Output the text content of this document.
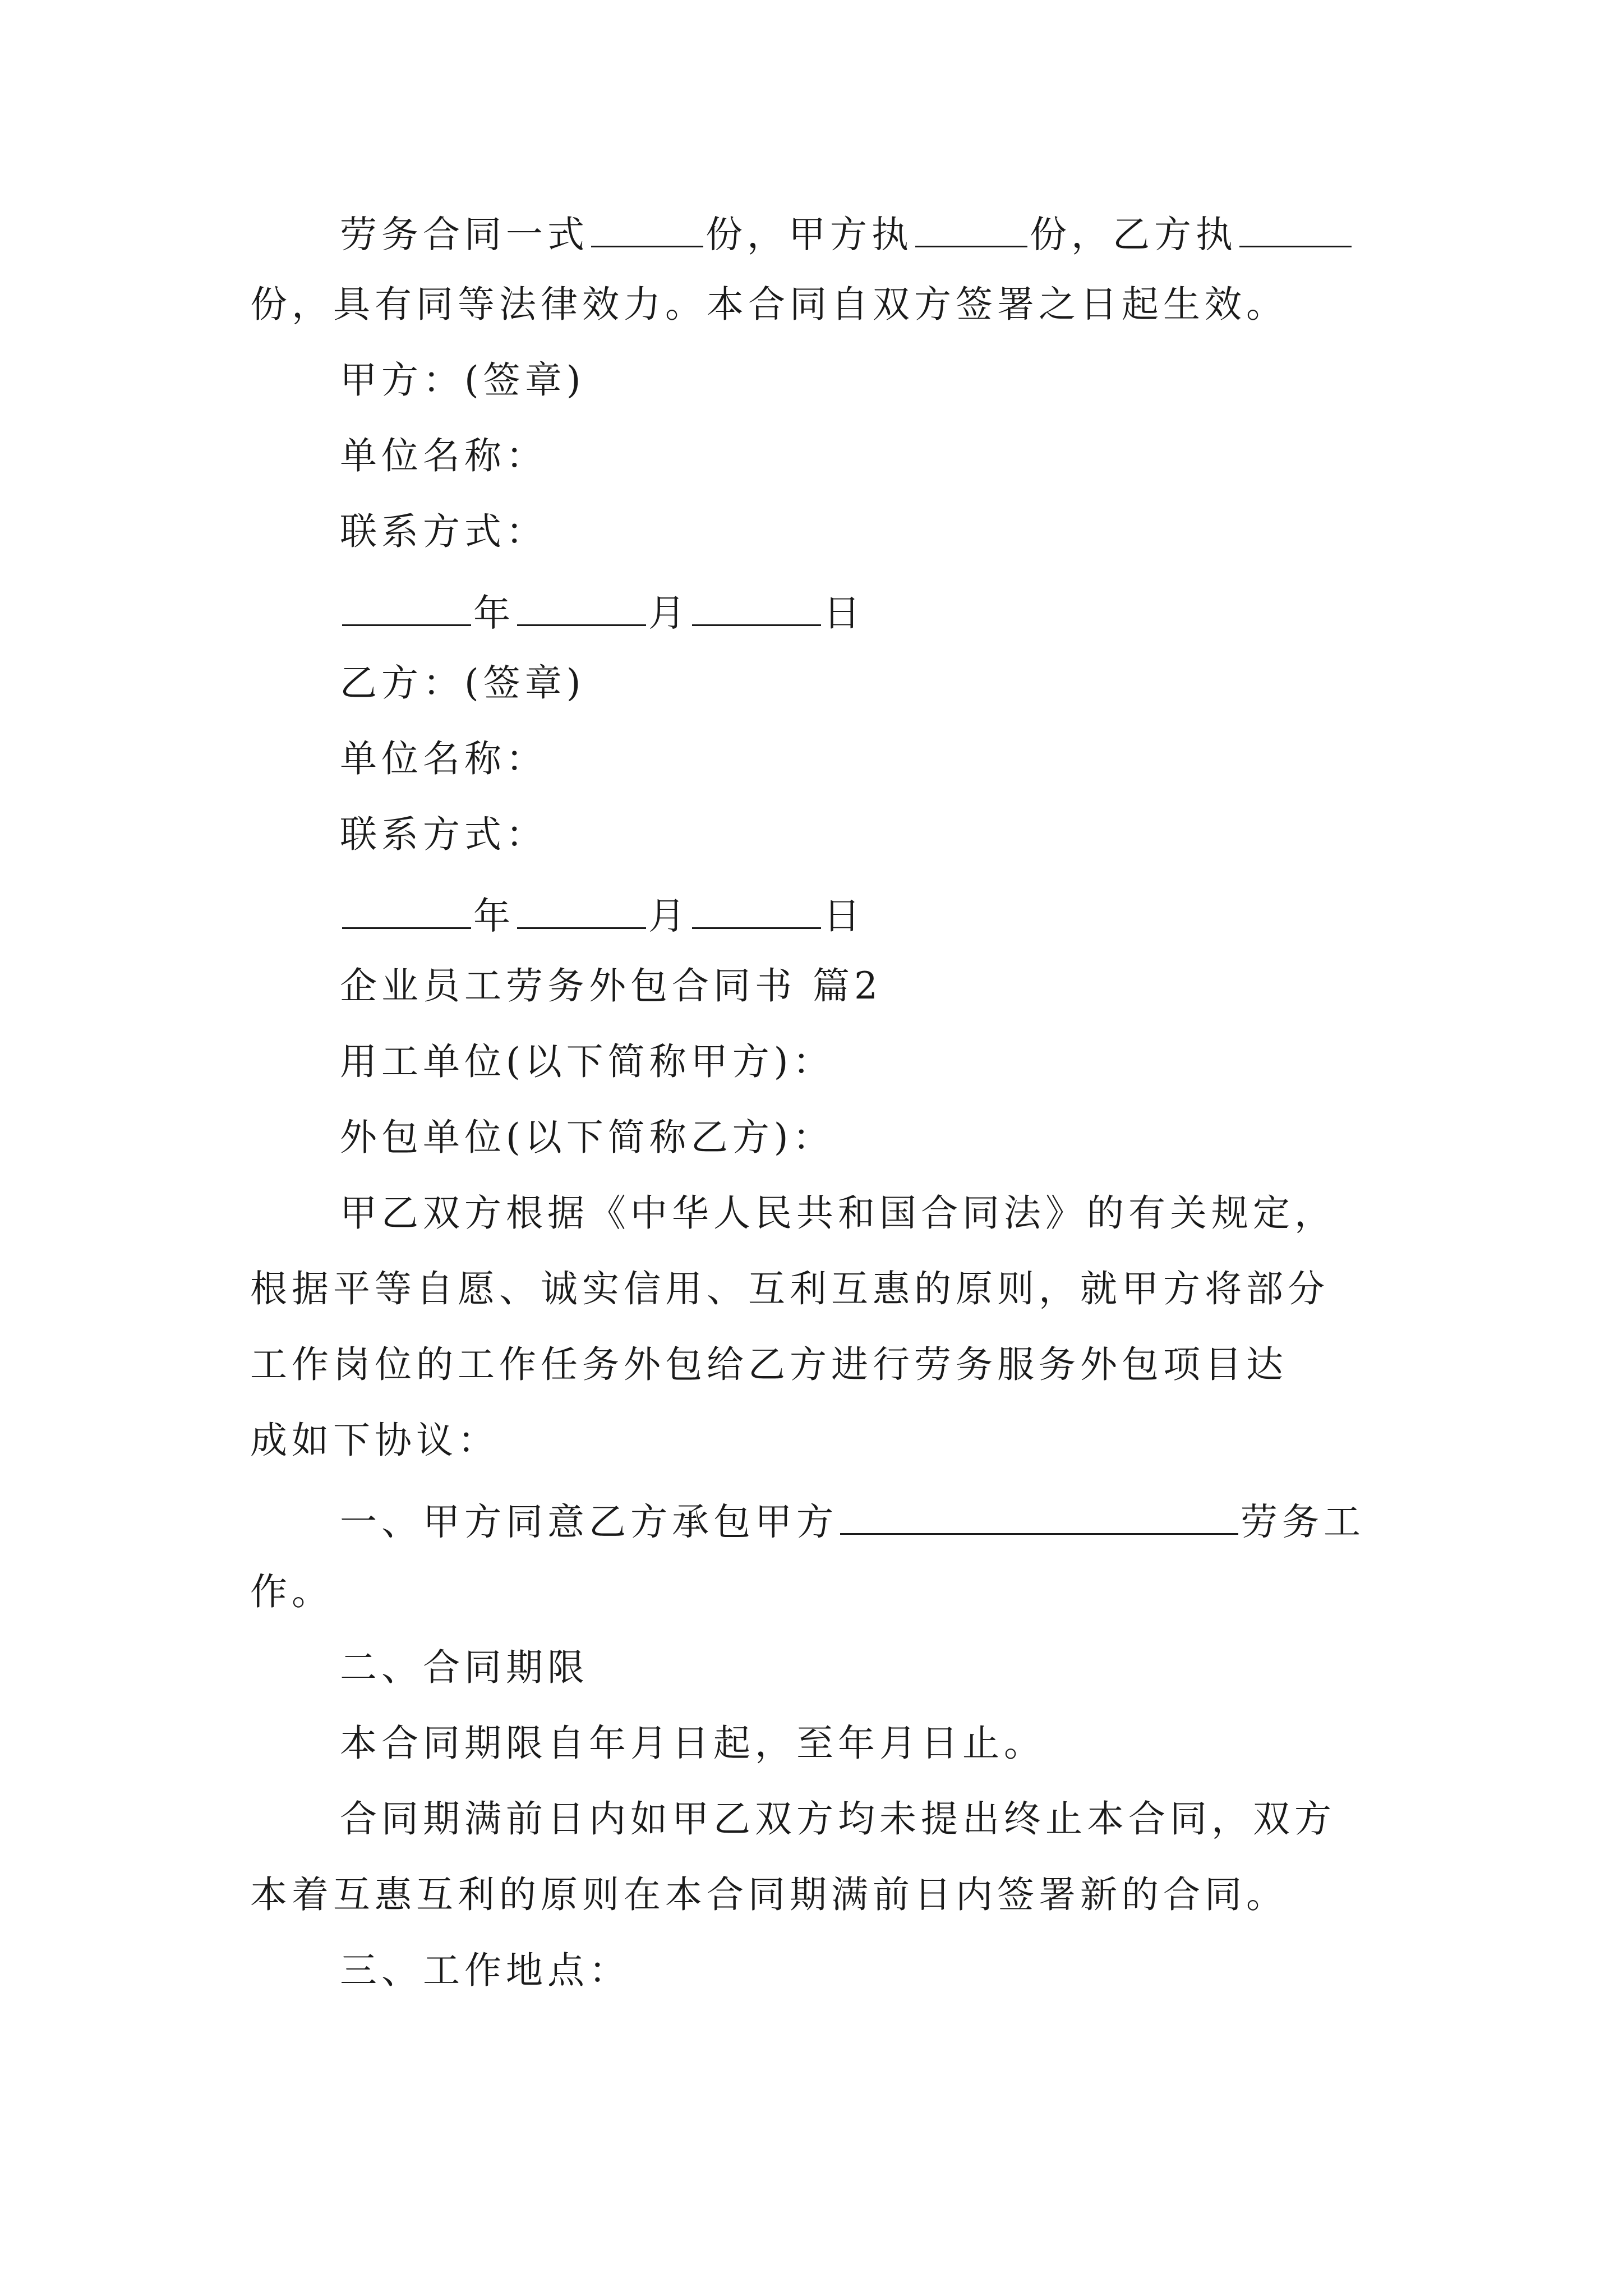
劳务合同一式	份，甲方执	份，乙方执
份，具有同等法律效力。本合同自双方签署之日起生效。
甲方：(签章)
单位名称：
联系方式：
年	月	日
乙方：(签章)
单位名称：
联系方式：
年	月	日
企业员工劳务外包合同书 篇2
用工单位(以下简称甲方)：
外包单位(以下简称乙方)：
甲乙双方根据《中华人民共和国合同法》的有关规定，
根据平等自愿、诚实信用、互利互惠的原则，就甲方将部分
工作岗位的工作任务外包给乙方进行劳务服务外包项目达
成如下协议：
一、甲方同意乙方承包甲方	劳务工
作。
二、合同期限
本合同期限自年月日起，至年月日止。
合同期满前日内如甲乙双方均未提出终止本合同，双方
本着互惠互利的原则在本合同期满前日内签署新的合同。
三、工作地点：
